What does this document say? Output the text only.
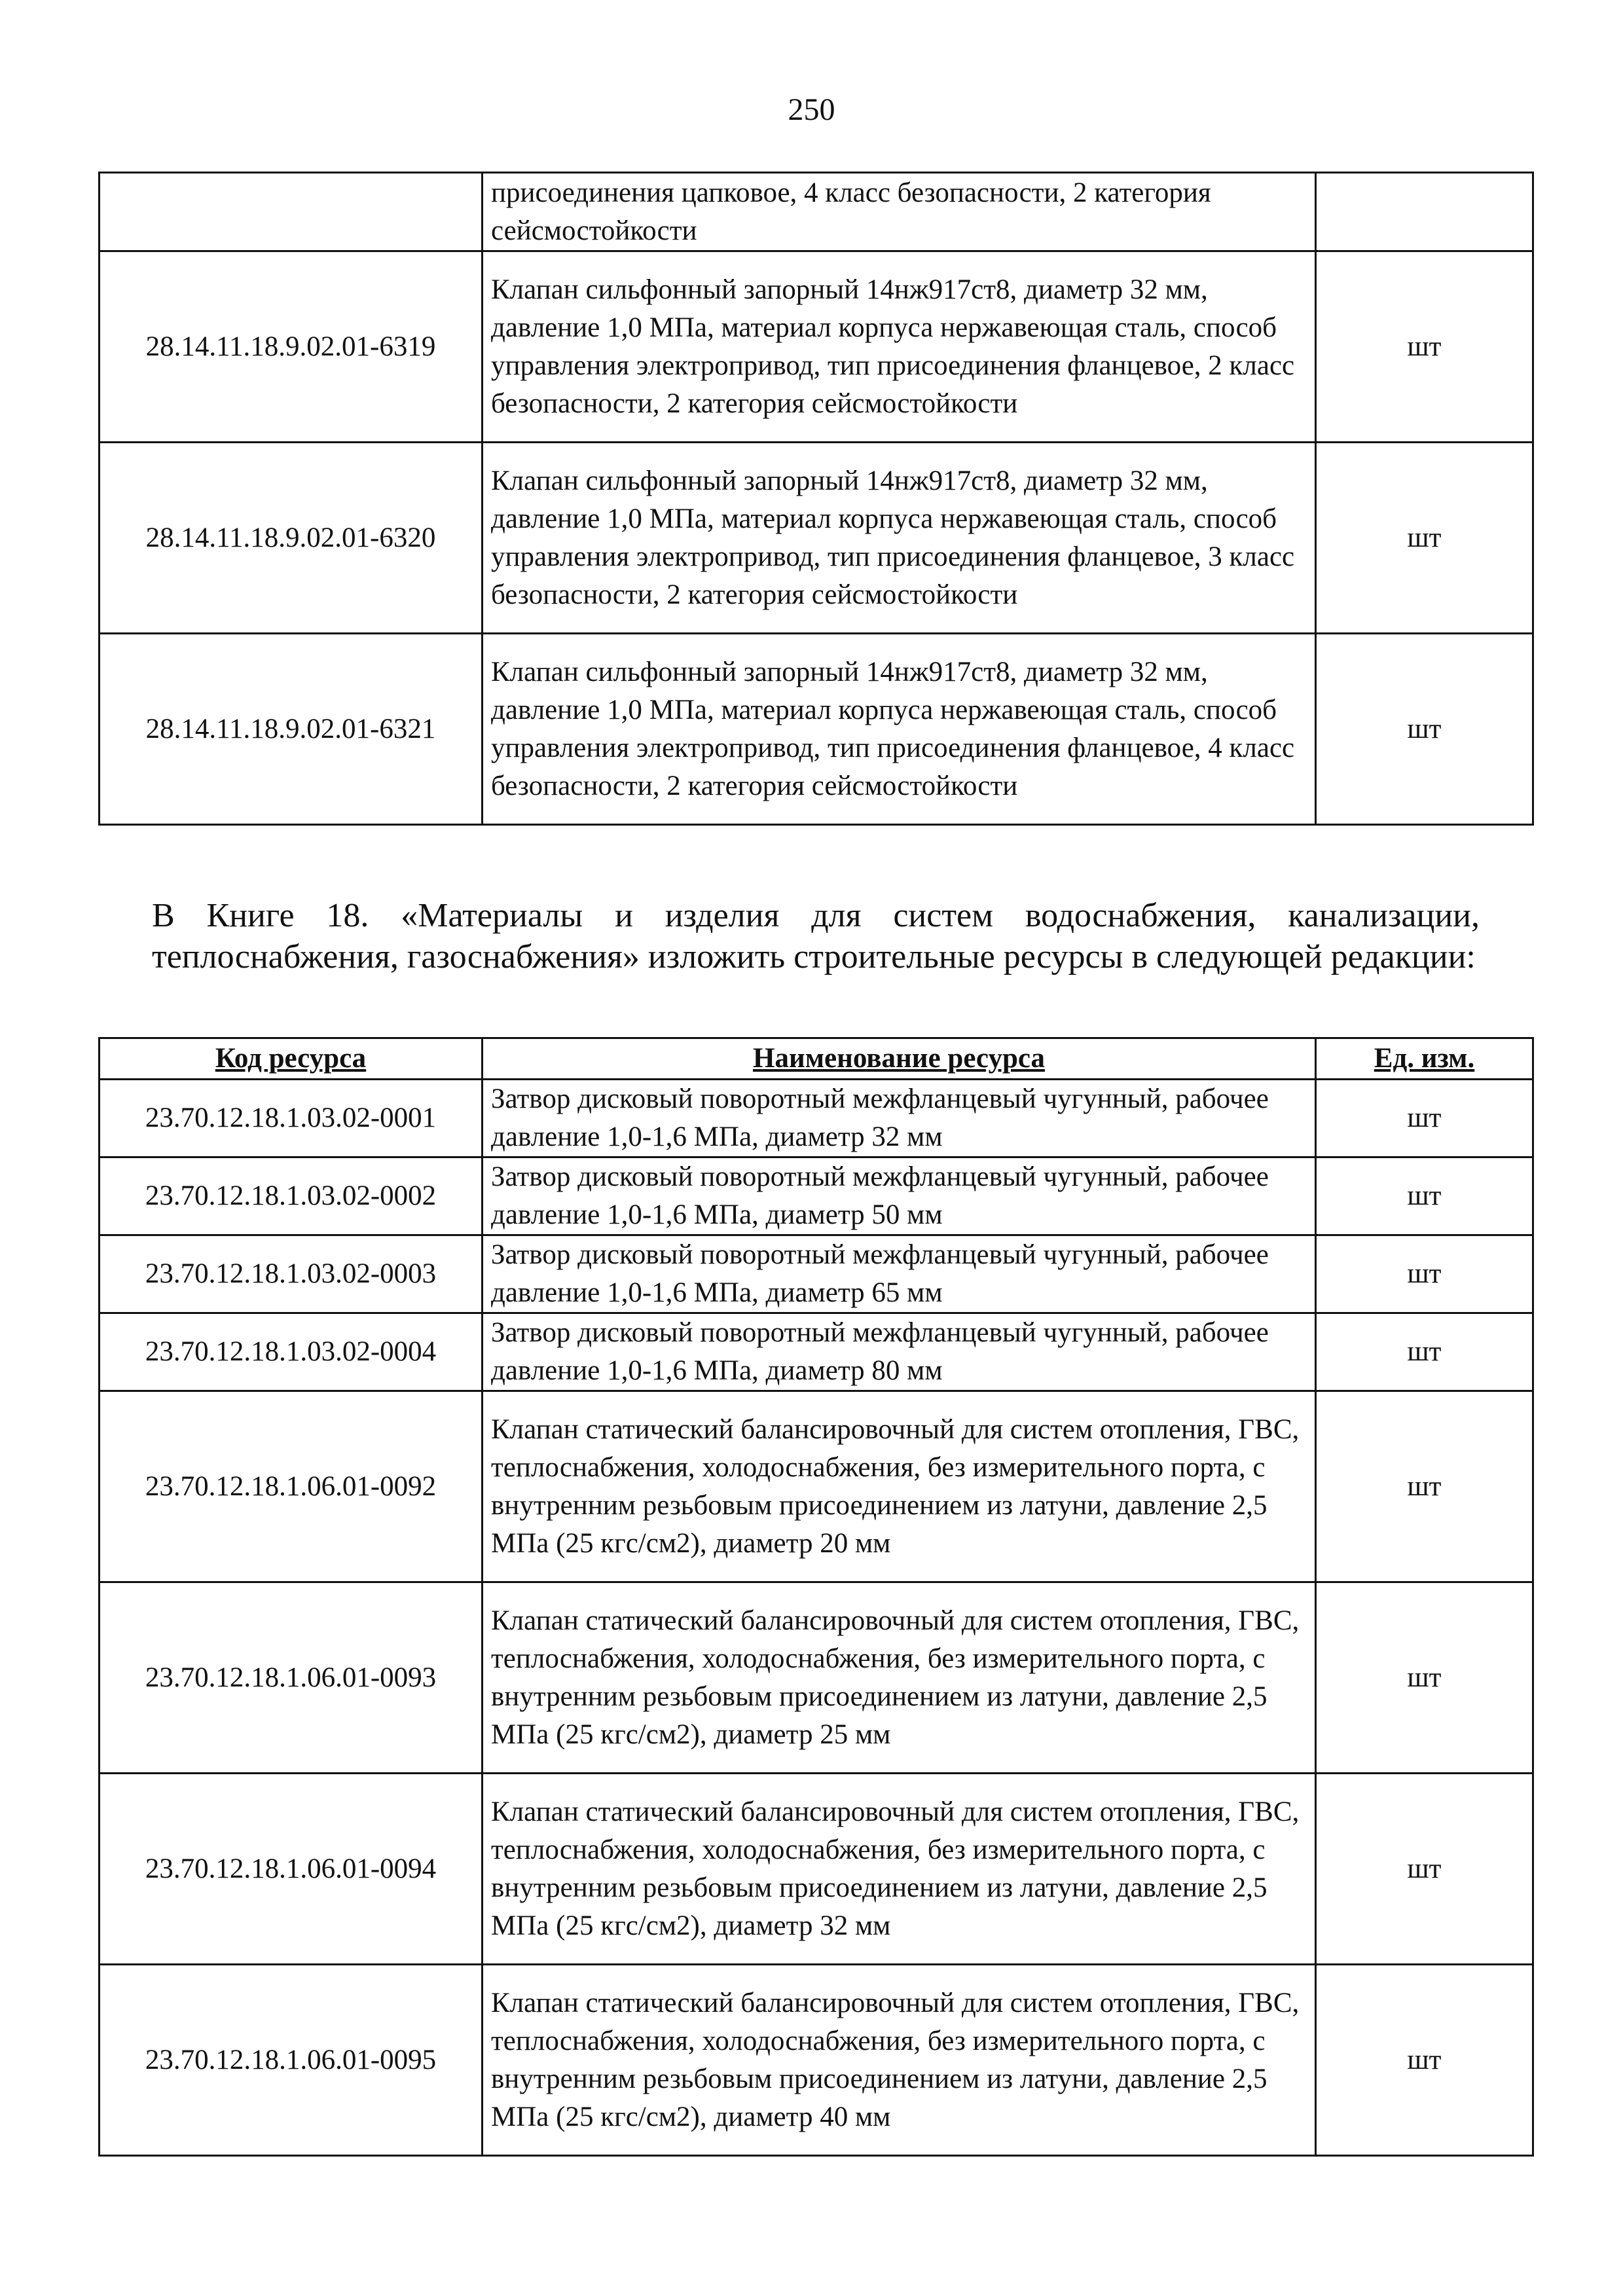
250
	присоединения цапковое, 4 класс безопасности, 2 категория сейсмостойкости	
28.14.11.18.9.02.01-6319	Клапан сильфонный запорный 14нж917ст8, диаметр 32 мм, давление 1,0 МПа, материал корпуса нержавеющая сталь, способ управления электропривод, тип присоединения фланцевое, 2 класс безопасности, 2 категория сейсмостойкости	шт
28.14.11.18.9.02.01-6320	Клапан сильфонный запорный 14нж917ст8, диаметр 32 мм, давление 1,0 МПа, материал корпуса нержавеющая сталь, способ управления электропривод, тип присоединения фланцевое, 3 класс безопасности, 2 категория сейсмостойкости	шт
28.14.11.18.9.02.01-6321	Клапан сильфонный запорный 14нж917ст8, диаметр 32 мм, давление 1,0 МПа, материал корпуса нержавеющая сталь, способ управления электропривод, тип присоединения фланцевое, 4 класс безопасности, 2 категория сейсмостойкости	шт

В Книге 18. «Материалы и изделия для систем водоснабжения, канализации, теплоснабжения, газоснабжения» изложить строительные ресурсы в следующей редакции:

Код ресурса	Наименование ресурса	Ед. изм.
23.70.12.18.1.03.02-0001	Затвор дисковый поворотный межфланцевый чугунный, рабочее давление 1,0-1,6 МПа, диаметр 32 мм	шт
23.70.12.18.1.03.02-0002	Затвор дисковый поворотный межфланцевый чугунный, рабочее давление 1,0-1,6 МПа, диаметр 50 мм	шт
23.70.12.18.1.03.02-0003	Затвор дисковый поворотный межфланцевый чугунный, рабочее давление 1,0-1,6 МПа, диаметр 65 мм	шт
23.70.12.18.1.03.02-0004	Затвор дисковый поворотный межфланцевый чугунный, рабочее давление 1,0-1,6 МПа, диаметр 80 мм	шт
23.70.12.18.1.06.01-0092	Клапан статический балансировочный для систем отопления, ГВС, теплоснабжения, холодоснабжения, без измерительного порта, с внутренним резьбовым присоединением из латуни, давление 2,5 МПа (25 кгс/см2), диаметр 20 мм	шт
23.70.12.18.1.06.01-0093	Клапан статический балансировочный для систем отопления, ГВС, теплоснабжения, холодоснабжения, без измерительного порта, с внутренним резьбовым присоединением из латуни, давление 2,5 МПа (25 кгс/см2), диаметр 25 мм	шт
23.70.12.18.1.06.01-0094	Клапан статический балансировочный для систем отопления, ГВС, теплоснабжения, холодоснабжения, без измерительного порта, с внутренним резьбовым присоединением из латуни, давление 2,5 МПа (25 кгс/см2), диаметр 32 мм	шт
23.70.12.18.1.06.01-0095	Клапан статический балансировочный для систем отопления, ГВС, теплоснабжения, холодоснабжения, без измерительного порта, с внутренним резьбовым присоединением из латуни, давление 2,5 МПа (25 кгс/см2), диаметр 40 мм	шт
